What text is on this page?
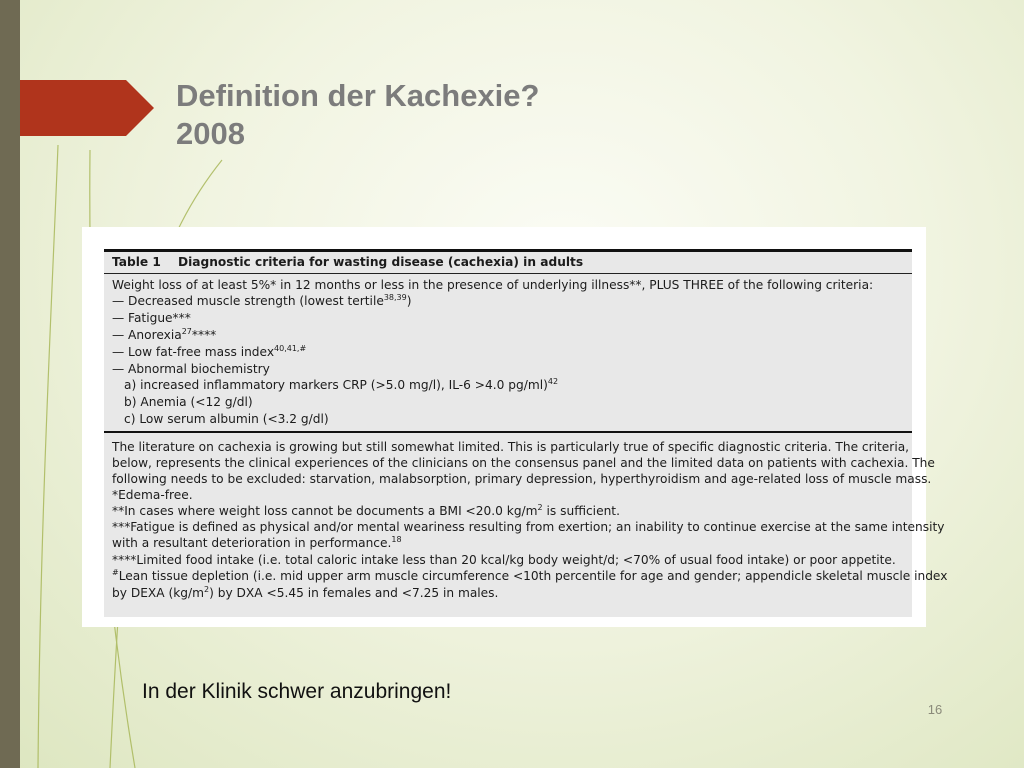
Definition der Kachexie?
2008
Table 1 Diagnostic criteria for wasting disease (cachexia) in adults
Weight loss of at least 5%* in 12 months or less in the presence of underlying illness**, PLUS THREE of the following criteria:
— Decreased muscle strength (lowest tertile$^{38,39}$)
— Fatigue***
— Anorexia$^{27}$****
— Low fat-free mass index$^{40,41,\#}$
— Abnormal biochemistry
a) increased inflammatory markers CRP (>5.0 mg/l), IL-6 >4.0 pg/ml)$^{42}$
b) Anemia (<12 g/dl)
c) Low serum albumin (<3.2 g/dl)
The literature on cachexia is growing but still somewhat limited. This is particularly true of specific diagnostic criteria. The criteria,
below, represents the clinical experiences of the clinicians on the consensus panel and the limited data on patients with cachexia. The
following needs to be excluded: starvation, malabsorption, primary depression, hyperthyroidism and age-related loss of muscle mass.
*Edema-free.
**In cases where weight loss cannot be documents a BMI <20.0 $kg/m^2$ is sufficient.
***Fatigue is defined as physical and/or mental weariness resulting from exertion; an inability to continue exercise at the same intensity
with a resultant deterioration in performance.$^{18}$
****Limited food intake (i.e. total caloric intake less than 20 kcal/kg body weight/d; <70% of usual food intake) or poor appetite.
#Lean tissue depletion (i.e. mid upper arm muscle circumference <10th percentile for age and gender; appendicle skeletal muscle index
by DEXA $(kg/m^2)$ by DXA <5.45 in females and <7.25 in males.
In der Klinik schwer anzubringen!
16
